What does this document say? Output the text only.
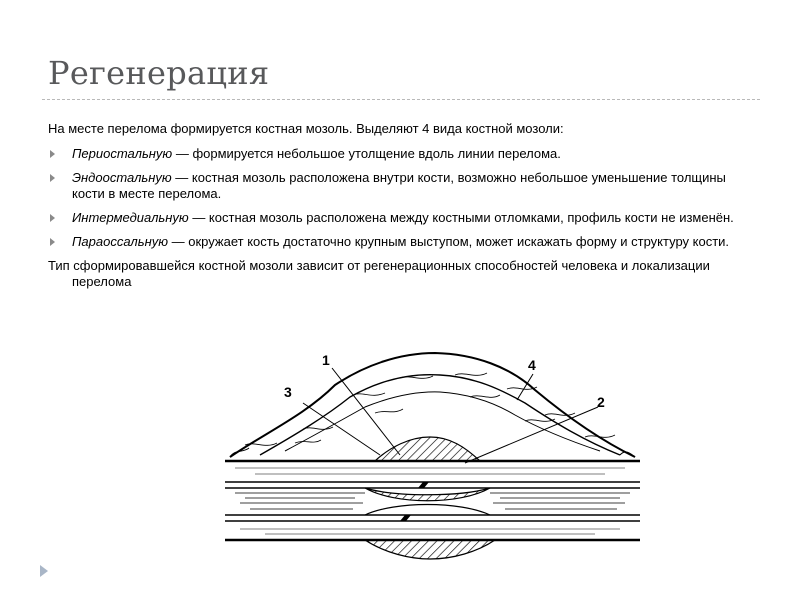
Регенерация

На месте перелома формируется костная мозоль. Выделяют 4 вида костной мозоли:

Периостальную — формируется небольшое утолщение вдоль линии перелома.
Эндоостальную — костная мозоль расположена внутри кости, возможно небольшое уменьшение толщины кости в месте перелома.
Интермедиальную — костная мозоль расположена между костными отломками, профиль кости не изменён.
Параоссальную — окружает кость достаточно крупным выступом, может искажать форму и структуру кости.

Тип сформировавшейся костной мозоли зависит от регенерационных способностей человека и локализации перелома

1
2
3
4
